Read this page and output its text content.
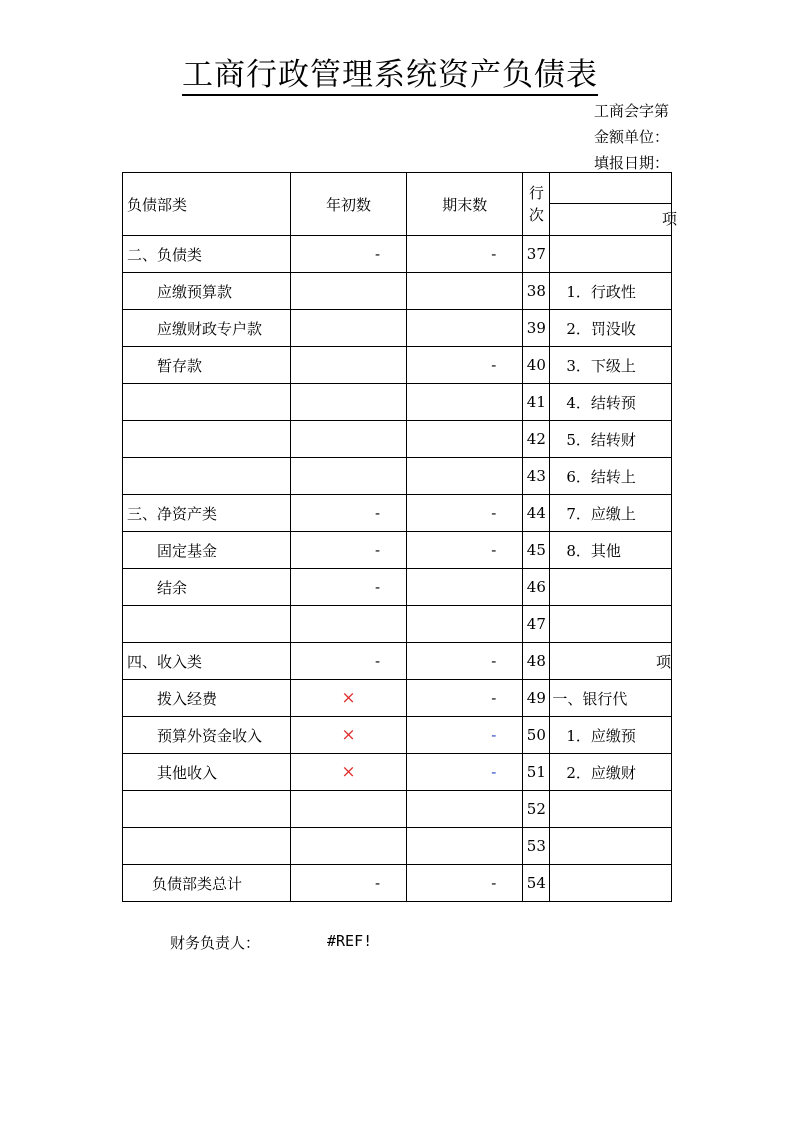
工商行政管理系统资产负债表
工商会字第
金额单位：
填报日期：
负债部类	年初数	期末数	行次	项

二、负债类	-	-	37	
应缴预算款			38	1．行政性
应缴财政专户款			39	2．罚没收
暂存款		-	40	3．下级上
			41	4．结转预
			42	5．结转财
			43	6．结转上
三、净资产类	-	-	44	7．应缴上
固定基金	-	-	45	8．其他
结余	-		46	
			47	
四、收入类	-	-	48	项
拨入经费	×	-	49	一、银行代
预算外资金收入	×	-	50	1．应缴预
其他收入	×	-	51	2．应缴财
			52	
			53	
负债部类总计	-	-	54	
财务负责人：	#REF!
